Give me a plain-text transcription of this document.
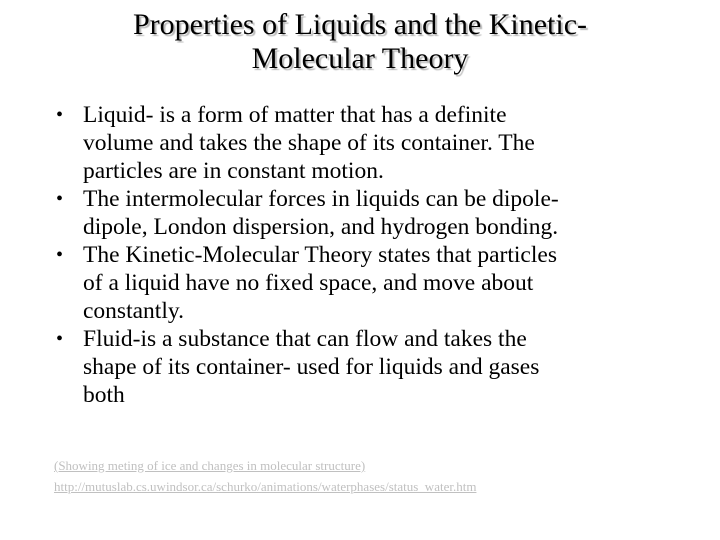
Properties of Liquids and the Kinetic-
Molecular Theory
• Liquid- is a form of matter that has a definite
volume and takes the shape of its container. The
particles are in constant motion.
• The intermolecular forces in liquids can be dipole-
dipole, London dispersion, and hydrogen bonding.
• The Kinetic-Molecular Theory states that particles
of a liquid have no fixed space, and move about
constantly.
• Fluid-is a substance that can flow and takes the
shape of its container- used for liquids and gases
both
(Showing meting of ice and changes in molecular structure)
http://mutuslab.cs.uwindsor.ca/schurko/animations/waterphases/status_water.htm
